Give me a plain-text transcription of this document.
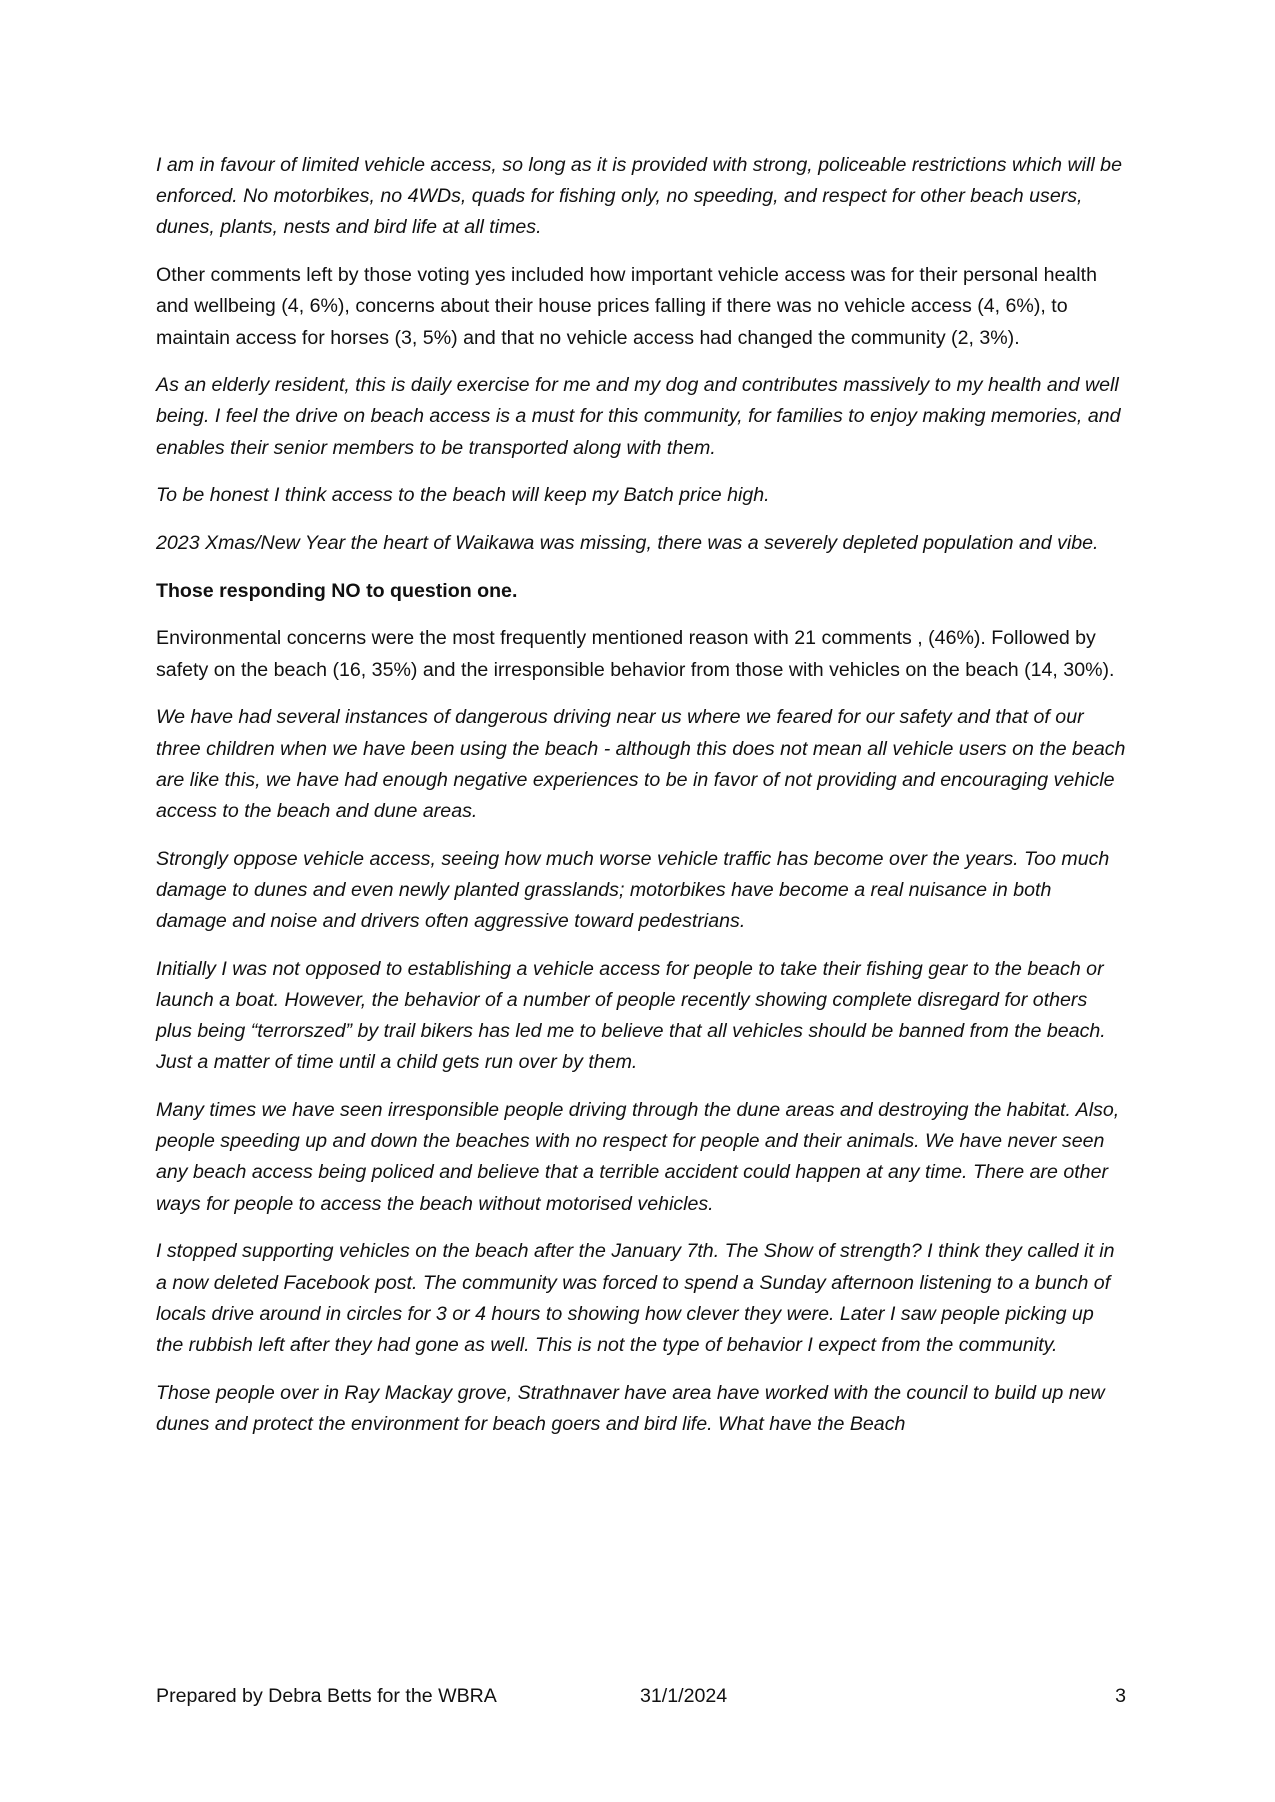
I am in favour of limited vehicle access, so long as it is provided with strong, policeable restrictions which will be enforced. No motorbikes, no 4WDs, quads for fishing only, no speeding, and respect for other beach users, dunes, plants, nests and bird life at all times.

Other comments left by those voting yes included how important vehicle access was for their personal health and wellbeing (4, 6%), concerns about their house prices falling if there was no vehicle access (4, 6%), to maintain access for horses (3, 5%) and that no vehicle access had changed the community (2, 3%).

As an elderly resident, this is daily exercise for me and my dog and contributes massively to my health and well being. I feel the drive on beach access is a must for this community, for families to enjoy making memories, and enables their senior members to be transported along with them.

To be honest I think access to the beach will keep my Batch price high.

2023 Xmas/New Year the heart of Waikawa was missing, there was a severely depleted population and vibe.

Those responding NO to question one.

Environmental concerns were the most frequently mentioned reason with 21 comments , (46%). Followed by safety on the beach (16, 35%) and the irresponsible behavior from those with vehicles on the beach (14, 30%).

We have had several instances of dangerous driving near us where we feared for our safety and that of our three children when we have been using the beach - although this does not mean all vehicle users on the beach are like this, we have had enough negative experiences to be in favor of not providing and encouraging vehicle access to the beach and dune areas.

Strongly oppose vehicle access, seeing how much worse vehicle traffic has become over the years. Too much damage to dunes and even newly planted grasslands; motorbikes have become a real nuisance in both damage and noise and drivers often aggressive toward pedestrians.

Initially I was not opposed to establishing a vehicle access for people to take their fishing gear to the beach or launch a boat. However, the behavior of a number of people recently showing complete disregard for others plus being “terrorszed” by trail bikers has led me to believe that all vehicles should be banned from the beach. Just a matter of time until a child gets run over by them.

Many times we have seen irresponsible people driving through the dune areas and destroying the habitat. Also, people speeding up and down the beaches with no respect for people and their animals. We have never seen any beach access being policed and believe that a terrible accident could happen at any time. There are other ways for people to access the beach without motorised vehicles.

I stopped supporting vehicles on the beach after the January 7th. The Show of strength? I think they called it in a now deleted Facebook post. The community was forced to spend a Sunday afternoon listening to a bunch of locals drive around in circles for 3 or 4 hours to showing how clever they were. Later I saw people picking up the rubbish left after they had gone as well. This is not the type of behavior I expect from the community.

Those people over in Ray Mackay grove, Strathnaver have area have worked with the council to build up new dunes and protect the environment for beach goers and bird life. What have the Beach

Prepared by Debra Betts for the WBRA	31/1/2024	3
